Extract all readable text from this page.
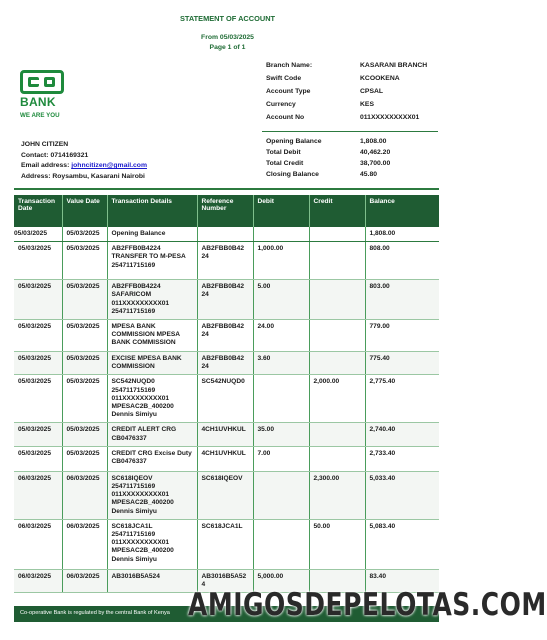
STATEMENT OF ACCOUNT
From 05/03/2025
Page 1 of 1
BANK
WE ARE YOU
Branch Name:	KASARANI BRANCH
Swift Code	KCOOKENA
Account Type	CPSAL
Currency	KES
Account No	011XXXXXXXXX01
Opening Balance	1,808.00
Total Debit	40,462.20
Total Credit	38,700.00
Closing Balance	45.80
JOHN CITIZEN
Contact: 0714169321
Email address: johncitizen@gmail.com
Address: Roysambu, Kasarani Nairobi
Transaction Date	Value Date	Transaction Details	Reference Number	Debit	Credit	Balance
05/03/2025	05/03/2025	Opening Balance				1,808.00
05/03/2025	05/03/2025	AB2FFB0B4224 TRANSFER TO M-PESA 254711715169	AB2FBB0B42 24	1,000.00		808.00
05/03/2025	05/03/2025	AB2FFB0B4224 SAFARICOM 011XXXXXXXXX01 254711715169	AB2FBB0B42 24	5.00		803.00
05/03/2025	05/03/2025	MPESA BANK COMMISSION MPESA BANK COMMISSION	AB2FBB0B42 24	24.00		779.00
05/03/2025	05/03/2025	EXCISE MPESA BANK COMMISSION	AB2FBB0B42 24	3.60		775.40
05/03/2025	05/03/2025	SC542NUQD0 254711715169 011XXXXXXXXX01 MPESAC2B_400200 Dennis Simiyu	SC542NUQD0		2,000.00	2,775.40
05/03/2025	05/03/2025	CREDIT ALERT CRG CB0476337	4CH1UVHKUL	35.00		2,740.40
05/03/2025	05/03/2025	CREDIT CRG Excise Duty CB0476337	4CH1UVHKUL	7.00		2,733.40
06/03/2025	06/03/2025	SC618IQEOV 254711715169 011XXXXXXXXX01 MPESAC2B_400200 Dennis Simiyu	SC618IQEOV		2,300.00	5,033.40
06/03/2025	06/03/2025	SC618JCA1L 254711715169 011XXXXXXXXX01 MPESAC2B_400200 Dennis Simiyu	SC618JCA1L		50.00	5,083.40
06/03/2025	06/03/2025	AB3016B5A524	AB3016B5A52 4	5,000.00		83.40
Co-operative Bank is regulated by the central Bank of Kenya AMIGOSDEPELOTAS.COM
